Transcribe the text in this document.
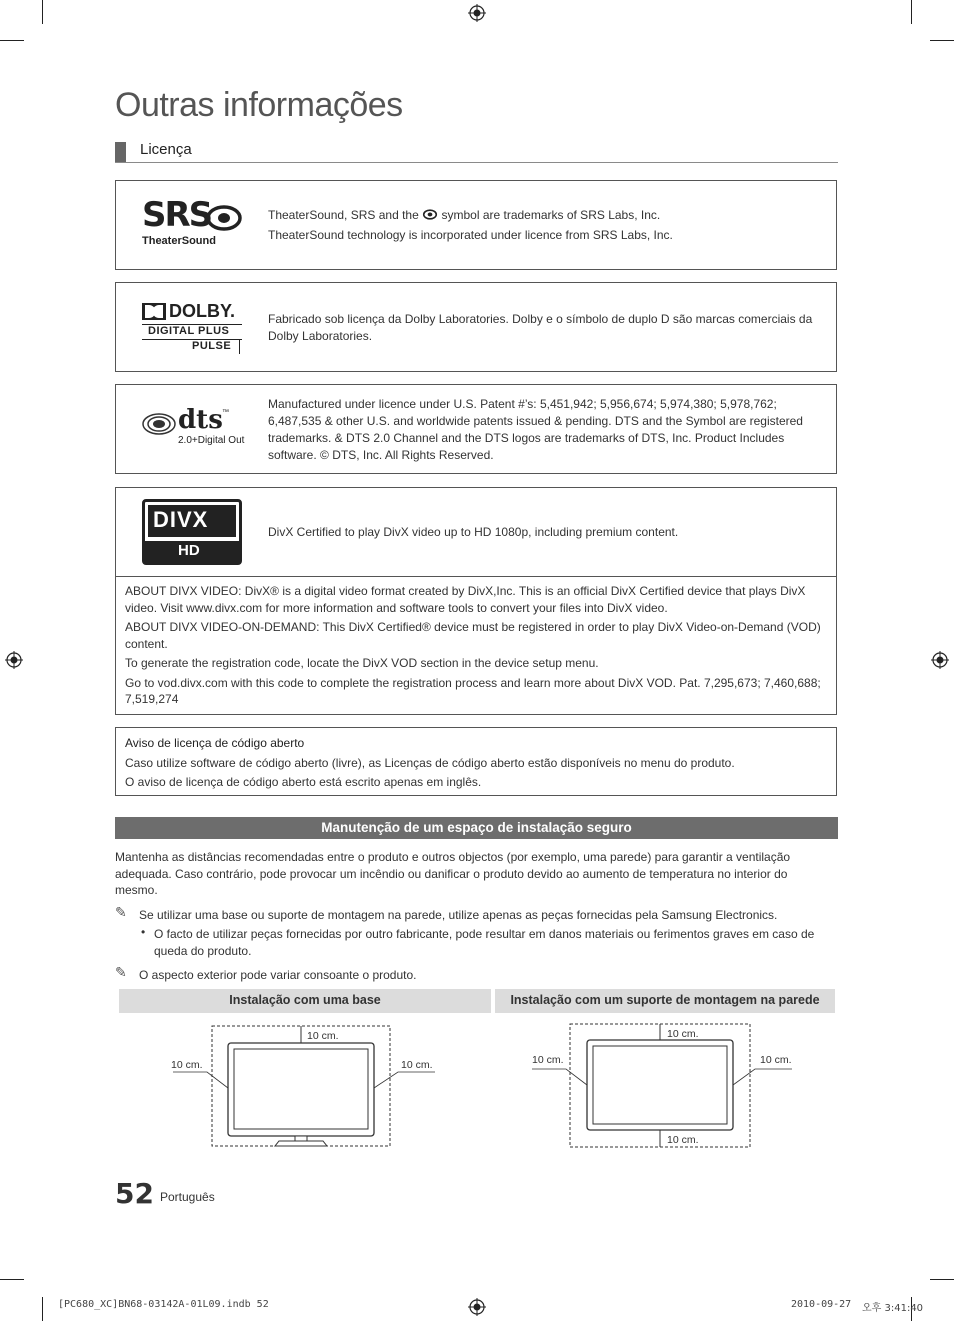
Outras informações
Licença
SRS
TheaterSound
TheaterSound, SRS and the symbol are trademarks of SRS Labs, Inc.
TheaterSound technology is incorporated under licence from SRS Labs, Inc.
DOLBY.
DIGITAL PLUS
PULSE
Fabricado sob licença da Dolby Laboratories. Dolby e o símbolo de duplo D são marcas comerciais da Dolby Laboratories.
dts ™
2.0+Digital Out
Manufactured under licence under U.S. Patent #’s: 5,451,942; 5,956,674; 5,974,380; 5,978,762; 6,487,535 & other U.S. and worldwide patents issued & pending. DTS and the Symbol are registered trademarks. & DTS 2.0 Channel and the DTS logos are trademarks of DTS, Inc. Product Includes software. © DTS, Inc. All Rights Reserved.
DIVX
HD
DivX Certified to play DivX video up to HD 1080p, including premium content.

ABOUT DIVX VIDEO: DivX® is a digital video format created by DivX,Inc. This is an official DivX Certified device that plays DivX video. Visit www.divx.com for more information and software tools to convert your files into DivX video.

ABOUT DIVX VIDEO-ON-DEMAND: This DivX Certified® device must be registered in order to play DivX Video-on-Demand (VOD) content.

To generate the registration code, locate the DivX VOD section in the device setup menu.

Go to vod.divx.com with this code to complete the registration process and learn more about DivX VOD. Pat. 7,295,673; 7,460,688; 7,519,274

Aviso de licença de código aberto

Caso utilize software de código aberto (livre), as Licenças de código aberto estão disponíveis no menu do produto.

O aviso de licença de código aberto está escrito apenas em inglês.

Manutenção de um espaço de instalação seguro
Mantenha as distâncias recomendadas entre o produto e outros objectos (por exemplo, uma parede) para garantir a ventilação adequada. Caso contrário, pode provocar um incêndio ou danificar o produto devido ao aumento de temperatura no interior do mesmo.
✎ Se utilizar uma base ou suporte de montagem na parede, utilize apenas as peças fornecidas pela Samsung Electronics.
• O facto de utilizar peças fornecidas por outro fabricante, pode resultar em danos materiais ou ferimentos graves em caso de queda do produto.
✎ O aspecto exterior pode variar consoante o produto.
Instalação com uma base	Instalação com um suporte de montagem na parede
10 cm.
10 cm.	10 cm.
10 cm.
10 cm.	10 cm.
10 cm.
52 Português
[PC680_XC]BN68-03142A-01L09.indb 52	2010-09-27 오후 3:41:40
